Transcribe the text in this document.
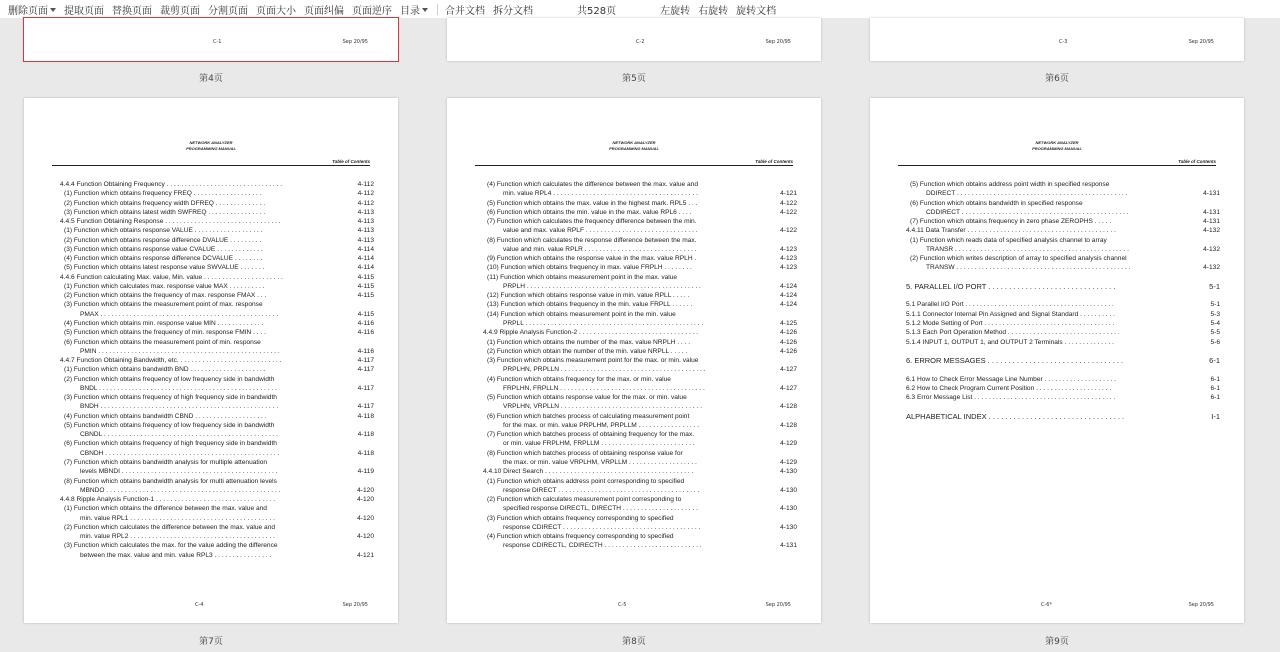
删除页面 提取页面 替换页面 裁剪页面 分割页面 页面大小 页面纠偏 页面逆序 目录	合并文档 拆分文档	共528页	左旋转 右旋转 旋转文档
C-1	Sep 20/95
第4页
C-2	Sep 20/95
第5页
C-3	Sep 20/95
第6页
NETWORK ANALYZER
PROGRAMMING MANUAL
Table of Contents
4.4.4 Function Obtaining Frequency . . . . . . . . . . . . . . . . . . . . . . . . . . . . . . . .	4-112
(1) Function which obtains frequency FREQ . . . . . . . . . . . . . . . . . . .	4-112
(2) Function which obtains frequency width DFREQ . . . . . . . . . . . . . .	4-112
(3) Function which obtains latest width SWFREQ . . . . . . . . . . . . . . . .	4-113
4.4.5 Function Obtaining Response . . . . . . . . . . . . . . . . . . . . . . . . . . . . . . . .	4-113
(1) Function which obtains response VALUE . . . . . . . . . . . . . . . . . . .	4-113
(2) Function which obtains response difference DVALUE . . . . . . . . .	4-113
(3) Function which obtains response value CVALUE . . . . . . . . . . . . .	4-114
(4) Function which obtains response difference DCVALUE . . . . . . . .	4-114
(5) Function which obtains latest response value SWVALUE . . . . . . .	4-114
4.4.6 Function calculating Max. value, Min. value . . . . . . . . . . . . . . . . . . . . . .	4-115
(1) Function which calculates max. response value MAX . . . . . . . . . .	4-115
(2) Function which obtains the frequency of max. response FMAX . . .	4-115
(3) Function which obtains the measurement point of max. response
PMAX . . . . . . . . . . . . . . . . . . . . . . . . . . . . . . . . . . . . . . . . . . . . . . . . .	4-115
(4) Function which obtains min. response value MIN . . . . . . . . . . . . .	4-116
(5) Function which obtains the frequency of min. response FMIN . . . .	4-116
(6) Function which obtains the measurement point of min. response
PMIN . . . . . . . . . . . . . . . . . . . . . . . . . . . . . . . . . . . . . . . . . . . . . . . . . .	4-116
4.4.7 Function Obtaining Bandwidth, etc. . . . . . . . . . . . . . . . . . . . . . . . . . . . .	4-117
(1) Function which obtains bandwidth BND . . . . . . . . . . . . . . . . . . . . .	4-117
(2) Function which obtains frequency of low frequency side in bandwidth
BNDL . . . . . . . . . . . . . . . . . . . . . . . . . . . . . . . . . . . . . . . . . . . . . . . . .	4-117
(3) Function which obtains frequency of high frequency side in bandwidth
BNDH . . . . . . . . . . . . . . . . . . . . . . . . . . . . . . . . . . . . . . . . . . . . . . . . .	4-117
(4) Function which obtains bandwidth CBND . . . . . . . . . . . . . . . . . . . .	4-118
(5) Function which obtains frequency of low frequency side in bandwidth
CBNDL . . . . . . . . . . . . . . . . . . . . . . . . . . . . . . . . . . . . . . . . . . . . . . . .	4-118
(6) Function which obtains frequency of high frequency side in bandwidth
CBNDH . . . . . . . . . . . . . . . . . . . . . . . . . . . . . . . . . . . . . . . . . . . . . . . .	4-118
(7) Function which obtains bandwidth analysis for multiple attenuation
levels MBNDI . . . . . . . . . . . . . . . . . . . . . . . . . . . . . . . . . . . . . . . . . . .	4-119
(8) Function which obtains bandwidth analysis for multi attenuation levels
MBNDO . . . . . . . . . . . . . . . . . . . . . . . . . . . . . . . . . . . . . . . . . . . . . . . .	4-120
4.4.8 Ripple Analysis Function-1 . . . . . . . . . . . . . . . . . . . . . . . . . . . . . . . . .	4-120
(1) Function which obtains the difference between the max. value and
min. value RPL1 . . . . . . . . . . . . . . . . . . . . . . . . . . . . . . . . . . . . . . . .	4-120
(2) Function which calculates the difference between the max. value and
min. value RPL2 . . . . . . . . . . . . . . . . . . . . . . . . . . . . . . . . . . . . . . . .	4-120
(3) Function which calculates the max. for the value adding the difference
between the max. value and min. value RPL3 . . . . . . . . . . . . . . . .	4-121
C-4	Sep 20/95
第7页
NETWORK ANALYZER
PROGRAMMING MANUAL
Table of Contents
(4) Function which calculates the difference between the max. value and
min. value RPL4 . . . . . . . . . . . . . . . . . . . . . . . . . . . . . . . . . . . . . . . .	4-121
(5) Function which obtains the max. value in the highest mark. RPL5 . . .	4-122
(6) Function which obtains the min. value in the max. value RPL6 . . . .	4-122
(7) Function which calculates the frequency difference between the min.
value and max. value RPLF . . . . . . . . . . . . . . . . . . . . . . . . . . . . . . .	4-122
(8) Function which calculates the response difference between the max.
value and min. value RPLR . . . . . . . . . . . . . . . . . . . . . . . . . . . . . . .	4-123
(9) Function which obtains the response value in the max. value RPLH .	4-123
(10) Function which obtains frequency in max. value FRPLH . . . . . . . .	4-123
(11) Function which obtains measurement point in the max. value
PRPLH . . . . . . . . . . . . . . . . . . . . . . . . . . . . . . . . . . . . . . . . . . . . . . . .	4-124
(12) Function which obtains response value in min. value RPLL . . . . .	4-124
(13) Function which obtains frequency in the min. value FRPLL . . . . . .	4-124
(14) Function which obtains measurement point in the min. value
PRPLL . . . . . . . . . . . . . . . . . . . . . . . . . . . . . . . . . . . . . . . . . . . . . . . . .	4-125
4.4.9 Ripple Analysis Function-2 . . . . . . . . . . . . . . . . . . . . . . . . . . . . . . . . .	4-126
(1) Function which obtains the number of the max. value NRPLH . . . .	4-126
(2) Function which obtain the number of the min. value NRPLL . . . . .	4-126
(3) Function which obtains measurement point for the max. or min. value
PRPLHN, PRPLLN . . . . . . . . . . . . . . . . . . . . . . . . . . . . . . . . . . . . . . . .	4-127
(4) Function which obtains frequency for the max. or min. value
FRPLHN, FRPLLN . . . . . . . . . . . . . . . . . . . . . . . . . . . . . . . . . . . . . . . .	4-127
(5) Function which obtains response value for the max. or min. value
VRPLHN, VRPLLN . . . . . . . . . . . . . . . . . . . . . . . . . . . . . . . . . . . . . . .	4-128
(6) Function which batches process of calculating measurement point
for the max. or min. value PRPLHM, PRPLLM . . . . . . . . . . . . . . . . .	4-128
(7) Function which batches process of obtaining frequency for the max.
or min. value FRPLHM, FRPLLM . . . . . . . . . . . . . . . . . . . . . . . . . .	4-129
(8) Function which batches process of obtaining response value for
the max. or min. value VRPLHM, VRPLLM . . . . . . . . . . . . . . . . . . .	4-129
4.4.10 Direct Search . . . . . . . . . . . . . . . . . . . . . . . . . . . . . . . . . . . . . . . . .	4-130
(1) Function which obtains address point corresponding to specified
response DIRECT . . . . . . . . . . . . . . . . . . . . . . . . . . . . . . . . . . . . . . .	4-130
(2) Function which calculates measurement point corresponding to
specified response DIRECTL, DIRECTH . . . . . . . . . . . . . . . . . . . . .	4-130
(3) Function which obtains frequency corresponding to specified
response CDIRECT . . . . . . . . . . . . . . . . . . . . . . . . . . . . . . . . . . . . . .	4-130
(4) Function which obtains frequency corresponding to specified
response CDIRECTL, CDIRECTH . . . . . . . . . . . . . . . . . . . . . . . . . . .	4-131
C-5	Sep 20/95
第8页
NETWORK ANALYZER
PROGRAMMING MANUAL
Table of Contents
(5) Function which obtains address point width in specified response
DDIRECT . . . . . . . . . . . . . . . . . . . . . . . . . . . . . . . . . . . . . . . . . . . . . . .	4-131
(6) Function which obtains bandwidth in specified response
CDDIRECT . . . . . . . . . . . . . . . . . . . . . . . . . . . . . . . . . . . . . . . . . . . . . .	4-131
(7) Function which obtains frequency in zero phase ZEROPHS . . . . .	4-131
4.4.11 Data Transfer . . . . . . . . . . . . . . . . . . . . . . . . . . . . . . . . . . . . . . . . .	4-132
(1) Function which reads data of specified analysis channel to array
TRANSR . . . . . . . . . . . . . . . . . . . . . . . . . . . . . . . . . . . . . . . . . . . . . . . .	4-132
(2) Function which writes description of array to specified analysis channel
TRANSW . . . . . . . . . . . . . . . . . . . . . . . . . . . . . . . . . . . . . . . . . . . . . . . .	4-132
5. PARALLEL I/O PORT . . . . . . . . . . . . . . . . . . . . . . . . . . . . . . .	5-1
5.1 Parallel I/O Port . . . . . . . . . . . . . . . . . . . . . . . . . . . . . . . . . . . . . . . . .	5-1
5.1.1 Connector Internal Pin Assigned and Signal Standard . . . . . . . . . .	5-3
5.1.2 Mode Setting of Port . . . . . . . . . . . . . . . . . . . . . . . . . . . . . . . . . . . .	5-4
5.1.3 Each Port Operation Method . . . . . . . . . . . . . . . . . . . . . . . . . . . . . . .	5-5
5.1.4 INPUT 1, OUTPUT 1, and OUTPUT 2 Terminals . . . . . . . . . . . . . .	5-6
6. ERROR MESSAGES . . . . . . . . . . . . . . . . . . . . . . . . . . . . . . . . .	6-1
6.1 How to Check Error Message Line Number . . . . . . . . . . . . . . . . . . . .	6-1
6.2 How to Check Program Current Position . . . . . . . . . . . . . . . . . . . . .	6-1
6.3 Error Message List . . . . . . . . . . . . . . . . . . . . . . . . . . . . . . . . . . . . . . .	6-1
ALPHABETICAL INDEX . . . . . . . . . . . . . . . . . . . . . . . . . . . . . . . . .	I-1
C-6*	Sep 20/95
第9页
